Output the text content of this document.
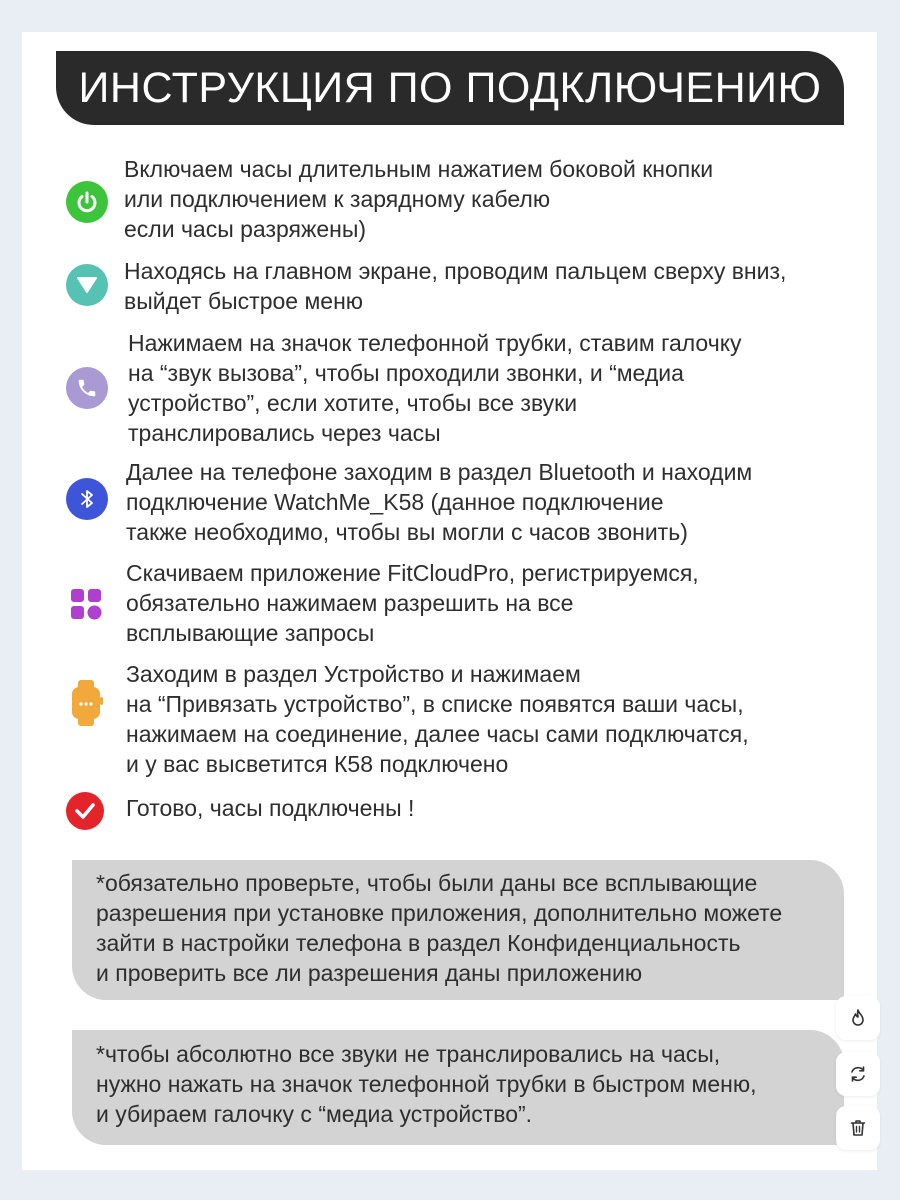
ИНСТРУКЦИЯ ПО ПОДКЛЮЧЕНИЮ
Включаем часы длительным нажатием боковой кнопки
или подключением к зарядному кабелю
если часы разряжены)
Находясь на главном экране, проводим пальцем сверху вниз,
выйдет быстрое меню
Нажимаем на значок телефонной трубки, ставим галочку
на “звук вызова”, чтобы проходили звонки, и “медиа
устройство”, если хотите, чтобы все звуки
транслировались через часы
Далее на телефоне заходим в раздел Bluetooth и находим
подключение WatchMe_K58 (данное подключение
также необходимо, чтобы вы могли с часов звонить)
Скачиваем приложение FitCloudPro, регистрируемся,
обязательно нажимаем разрешить на все
всплывающие запросы
Заходим в раздел Устройство и нажимаем
на “Привязать устройство”, в списке появятся ваши часы,
нажимаем на соединение, далее часы сами подключатся,
и у вас высветится К58 подключено
Готово, часы подключены !
*обязательно проверьте, чтобы были даны все всплывающие
разрешения при установке приложения, дополнительно можете
зайти в настройки телефона в раздел Конфиденциальность
и проверить все ли разрешения даны приложению
*чтобы абсолютно все звуки не транслировались на часы,
нужно нажать на значок телефонной трубки в быстром меню,
и убираем галочку с “медиа устройство”.
